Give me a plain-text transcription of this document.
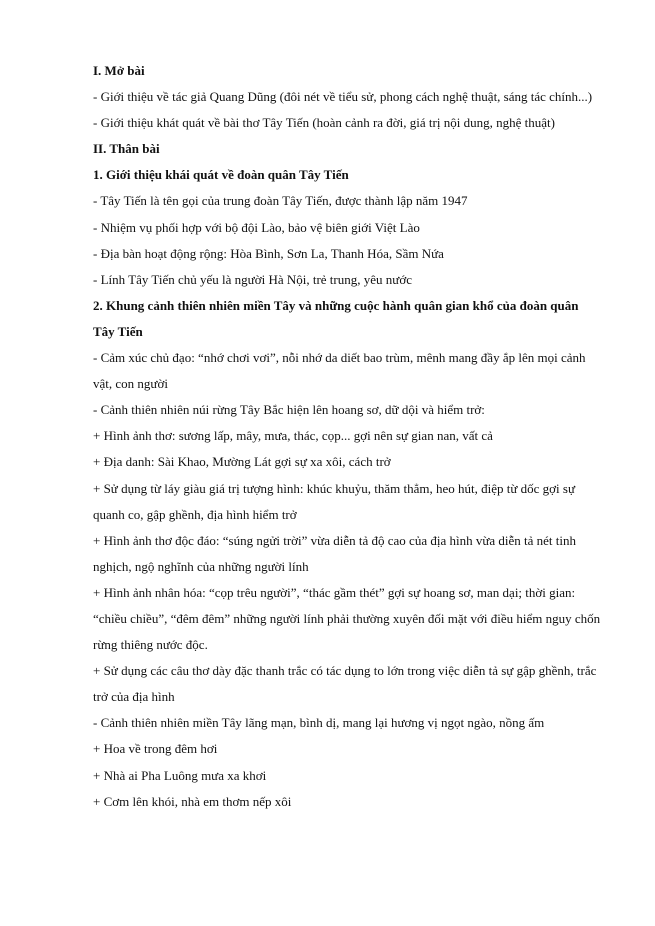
I. Mở bài

- Giới thiệu về tác giả Quang Dũng (đôi nét về tiểu sử, phong cách nghệ thuật, sáng tác chính...)

- Giới thiệu khát quát về bài thơ Tây Tiến (hoàn cảnh ra đời, giá trị nội dung, nghệ thuật)

II. Thân bài

1. Giới thiệu khái quát về đoàn quân Tây Tiến

- Tây Tiến là tên gọi của trung đoàn Tây Tiến, được thành lập năm 1947

- Nhiệm vụ phối hợp với bộ đội Lào, bảo vệ biên giới Việt Lào

- Địa bàn hoạt động rộng: Hòa Bình, Sơn La, Thanh Hóa, Sầm Nứa

- Lính Tây Tiến chủ yếu là người Hà Nội, trẻ trung, yêu nước

2. Khung cảnh thiên nhiên miền Tây và những cuộc hành quân gian khổ của đoàn quân Tây Tiến

- Cảm xúc chủ đạo: “nhớ chơi vơi”, nỗi nhớ da diết bao trùm, mênh mang đầy ắp lên mọi cảnh vật, con người

- Cảnh thiên nhiên núi rừng Tây Bắc hiện lên hoang sơ, dữ dội và hiểm trở:

+ Hình ảnh thơ: sương lấp, mây, mưa, thác, cọp... gợi nên sự gian nan, vất cả

+ Địa danh: Sài Khao, Mường Lát gợi sự xa xôi, cách trở

+ Sử dụng từ láy giàu giá trị tượng hình: khúc khuỷu, thăm thẳm, heo hút, điệp từ dốc gợi sự quanh co, gập ghềnh, địa hình hiểm trở

+ Hình ảnh thơ độc đáo: “súng ngửi trời” vừa diễn tả độ cao của địa hình vừa diễn tả nét tinh nghịch, ngộ nghĩnh của những người lính

+ Hình ảnh nhân hóa: “cọp trêu người”, “thác gầm thét” gợi sự hoang sơ, man dại; thời gian: “chiều chiều”, “đêm đêm” những người lính phải thường xuyên đối mặt với điều hiểm nguy chốn rừng thiêng nước độc.

+ Sử dụng các câu thơ dày đặc thanh trắc có tác dụng to lớn trong việc diễn tả sự gập ghềnh, trắc trở của địa hình

- Cảnh thiên nhiên miền Tây lãng mạn, bình dị, mang lại hương vị ngọt ngào, nồng ấm

+ Hoa về trong đêm hơi

+ Nhà ai Pha Luông mưa xa khơi

+ Cơm lên khói, nhà em thơm nếp xôi
